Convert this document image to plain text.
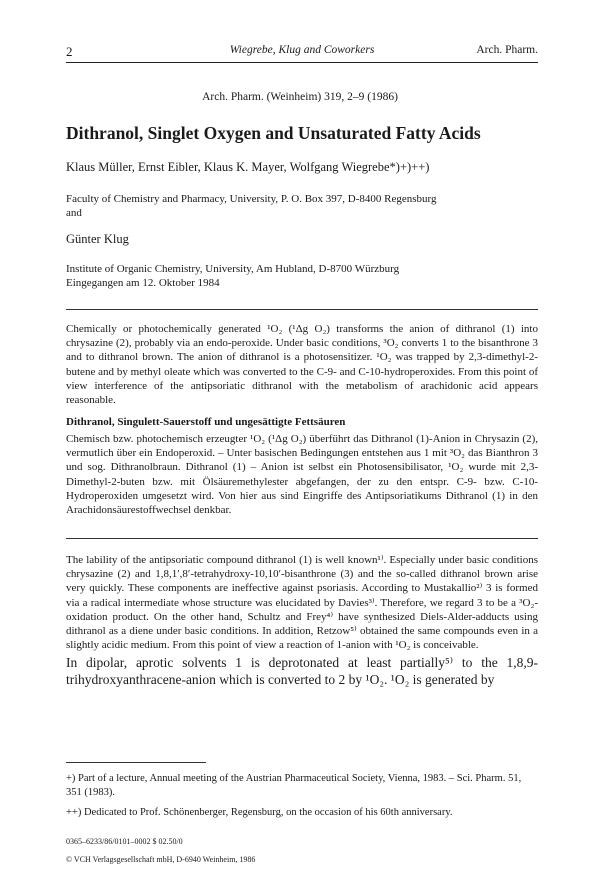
2	Wiegrebe, Klug and Coworkers	Arch. Pharm.
Arch. Pharm. (Weinheim) 319, 2–9 (1986)
Dithranol, Singlet Oxygen and Unsaturated Fatty Acids
Klaus Müller, Ernst Eibler, Klaus K. Mayer, Wolfgang Wiegrebe*)+)++)

Faculty of Chemistry and Pharmacy, University, P. O. Box 397, D-8400 Regensburg

and

Günter Klug

Institute of Organic Chemistry, University, Am Hubland, D-8700 Würzburg

Eingegangen am 12. Oktober 1984

Chemically or photochemically generated ¹O₂ (¹Δg O₂) transforms the anion of dithranol (1) into chrysazine (2), probably via an endo-peroxide. Under basic conditions, ³O₂ converts 1 to the bisanthrone 3 and to dithranol brown. The anion of dithranol is a photosensitizer. ¹O₂ was trapped by 2,3-dimethyl-2-butene and by methyl oleate which was converted to the C-9- and C-10-hydroperoxides. From this point of view interference of the antipsoriatic dithranol with the metabolism of arachidonic acid appears reasonable.

Dithranol, Singulett-Sauerstoff und ungesättigte Fettsäuren

Chemisch bzw. photochemisch erzeugter ¹O₂ (¹Δg O₂) überführt das Dithranol (1)-Anion in Chrysazin (2), vermutlich über ein Endoperoxid. – Unter basischen Bedingungen entstehen aus 1 mit ³O₂ das Bianthron 3 und sog. Dithranolbraun. Dithranol (1) – Anion ist selbst ein Photosensibilisator, ¹O₂ wurde mit 2,3-Dimethyl-2-buten bzw. mit Ölsäuremethylester abgefangen, der zu den entspr. C-9- bzw. C-10-Hydroperoxiden umgesetzt wird. Von hier aus sind Eingriffe des Antipsoriatikums Dithranol (1) in den Arachidonsäurestoffwechsel denkbar.

The lability of the antipsoriatic compound dithranol (1) is well known¹⁾. Especially under basic conditions chrysazine (2) and 1,8,1′,8′-tetrahydroxy-10,10′-bisanthrone (3) and the so-called dithranol brown arise very quickly. These components are ineffective against psoriasis. According to Mustakallio²⁾ 3 is formed via a radical intermediate whose structure was elucidated by Davies³⁾. Therefore, we regard 3 to be a ³O₂-oxidation product. On the other hand, Schultz and Frey⁴⁾ have synthesized Diels-Alder-adducts using dithranol as a diene under basic conditions. In addition, Retzow⁵⁾ obtained the same compounds even in a slightly acidic medium. From this point of view a reaction of 1-anion with ¹O₂ is conceivable.

In dipolar, aprotic solvents 1 is deprotonated at least partially⁵⁾ to the 1,8,9-trihydroxyanthracene-anion which is converted to 2 by ¹O₂. ¹O₂ is generated by

+) Part of a lecture, Annual meeting of the Austrian Pharmaceutical Society, Vienna, 1983. – Sci. Pharm. 51, 351 (1983).

++) Dedicated to Prof. Schönenberger, Regensburg, on the occasion of his 60th anniversary.

0365–6233/86/0101–0002 $ 02.50/0

© VCH Verlagsgesellschaft mbH, D-6940 Weinheim, 1986
